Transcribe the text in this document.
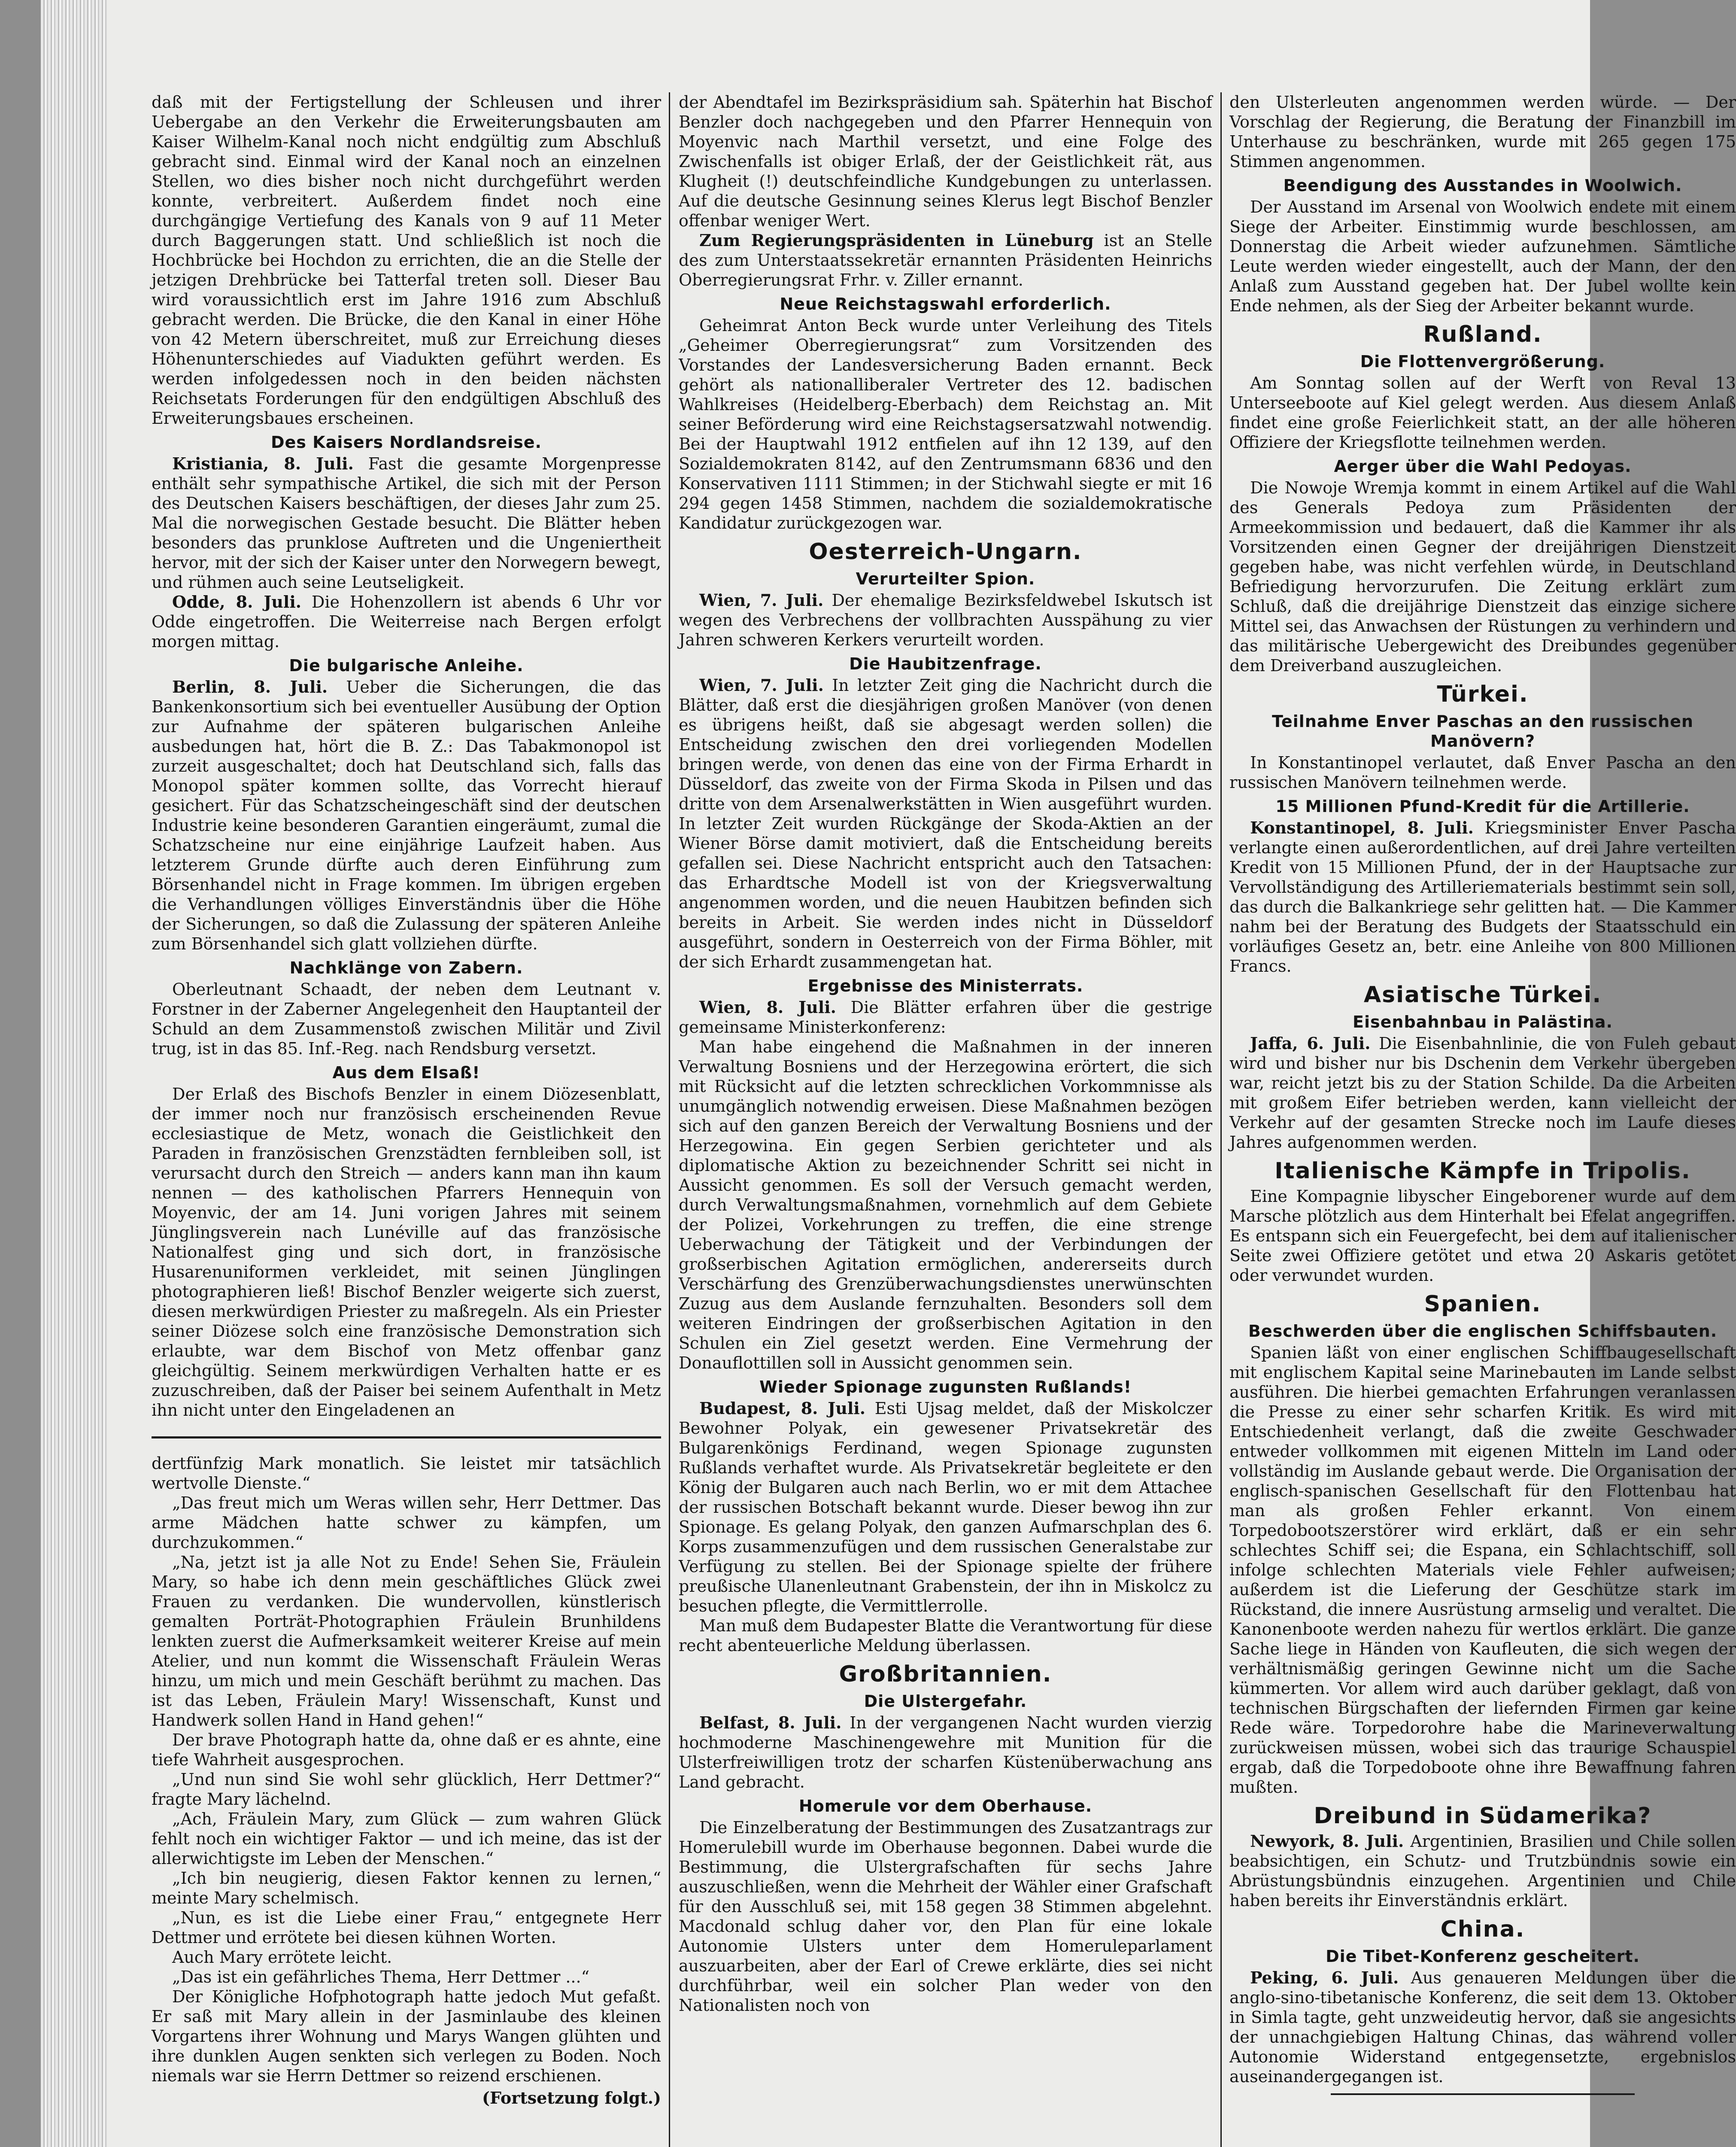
daß mit der Fertigstellung der Schleusen und ihrer Uebergabe an den Verkehr die Erweiterungsbauten am Kaiser Wilhelm-Kanal noch nicht endgültig zum Abschluß gebracht sind. Einmal wird der Kanal noch an einzelnen Stellen, wo dies bisher noch nicht durchgeführt werden konnte, verbreitert. Außerdem findet noch eine durchgängige Vertiefung des Kanals von 9 auf 11 Meter durch Baggerungen statt. Und schließlich ist noch die Hochbrücke bei Hochdon zu errichten, die an die Stelle der jetzigen Drehbrücke bei Tatterfal treten soll. Dieser Bau wird voraussichtlich erst im Jahre 1916 zum Abschluß gebracht werden. Die Brücke, die den Kanal in einer Höhe von 42 Metern überschreitet, muß zur Erreichung dieses Höhenunterschiedes auf Viadukten geführt werden. Es werden infolgedessen noch in den beiden nächsten Reichsetats Forderungen für den endgültigen Abschluß des Erweiterungsbaues erscheinen.

Des Kaisers Nordlandsreise.

Kristiania, 8. Juli. Fast die gesamte Morgenpresse enthält sehr sympathische Artikel, die sich mit der Person des Deutschen Kaisers beschäftigen, der dieses Jahr zum 25. Mal die norwegischen Gestade besucht. Die Blätter heben besonders das prunklose Auftreten und die Ungeniertheit hervor, mit der sich der Kaiser unter den Norwegern bewegt, und rühmen auch seine Leutseligkeit.

Odde, 8. Juli. Die Hohenzollern ist abends 6 Uhr vor Odde eingetroffen. Die Weiterreise nach Bergen erfolgt morgen mittag.

Die bulgarische Anleihe.

Berlin, 8. Juli. Ueber die Sicherungen, die das Bankenkonsortium sich bei eventueller Ausübung der Option zur Aufnahme der späteren bulgarischen Anleihe ausbedungen hat, hört die B. Z.: Das Tabakmonopol ist zurzeit ausgeschaltet; doch hat Deutschland sich, falls das Monopol später kommen sollte, das Vorrecht hierauf gesichert. Für das Schatzscheingeschäft sind der deutschen Industrie keine besonderen Garantien eingeräumt, zumal die Schatzscheine nur eine einjährige Laufzeit haben. Aus letzterem Grunde dürfte auch deren Einführung zum Börsenhandel nicht in Frage kommen. Im übrigen ergeben die Verhandlungen völliges Einverständnis über die Höhe der Sicherungen, so daß die Zulassung der späteren Anleihe zum Börsenhandel sich glatt vollziehen dürfte.

Nachklänge von Zabern.

Oberleutnant Schaadt, der neben dem Leutnant v. Forstner in der Zaberner Angelegenheit den Hauptanteil der Schuld an dem Zusammenstoß zwischen Militär und Zivil trug, ist in das 85. Inf.-Reg. nach Rendsburg versetzt.

Aus dem Elsaß!

Der Erlaß des Bischofs Benzler in einem Diözesenblatt, der immer noch nur französisch erscheinenden Revue ecclesiastique de Metz, wonach die Geistlichkeit den Paraden in französischen Grenzstädten fernbleiben soll, ist verursacht durch den Streich — anders kann man ihn kaum nennen — des katholischen Pfarrers Hennequin von Moyenvic, der am 14. Juni vorigen Jahres mit seinem Jünglingsverein nach Lunéville auf das französische Nationalfest ging und sich dort, in französische Husarenuniformen verkleidet, mit seinen Jünglingen photographieren ließ! Bischof Benzler weigerte sich zuerst, diesen merkwürdigen Priester zu maßregeln. Als ein Priester seiner Diözese solch eine französische Demonstration sich erlaubte, war dem Bischof von Metz offenbar ganz gleichgültig. Seinem merkwürdigen Verhalten hatte er es zuzuschreiben, daß der Paiser bei seinem Aufenthalt in Metz ihn nicht unter den Eingeladenen an

dertfünfzig Mark monatlich. Sie leistet mir tatsächlich wertvolle Dienste.“

„Das freut mich um Weras willen sehr, Herr Dettmer. Das arme Mädchen hatte schwer zu kämpfen, um durchzukommen.“

„Na, jetzt ist ja alle Not zu Ende! Sehen Sie, Fräulein Mary, so habe ich denn mein geschäftliches Glück zwei Frauen zu verdanken. Die wundervollen, künstlerisch gemalten Porträt-Photographien Fräulein Brunhildens lenkten zuerst die Aufmerksamkeit weiterer Kreise auf mein Atelier, und nun kommt die Wissenschaft Fräulein Weras hinzu, um mich und mein Geschäft berühmt zu machen. Das ist das Leben, Fräulein Mary! Wissenschaft, Kunst und Handwerk sollen Hand in Hand gehen!“

Der brave Photograph hatte da, ohne daß er es ahnte, eine tiefe Wahrheit ausgesprochen.

„Und nun sind Sie wohl sehr glücklich, Herr Dettmer?“ fragte Mary lächelnd.

„Ach, Fräulein Mary, zum Glück — zum wahren Glück fehlt noch ein wichtiger Faktor — und ich meine, das ist der allerwichtigste im Leben der Menschen.“

„Ich bin neugierig, diesen Faktor kennen zu lernen,“ meinte Mary schelmisch.

„Nun, es ist die Liebe einer Frau,“ entgegnete Herr Dettmer und errötete bei diesen kühnen Worten.

Auch Mary errötete leicht.

„Das ist ein gefährliches Thema, Herr Dettmer ...“

Der Königliche Hofphotograph hatte jedoch Mut gefaßt. Er saß mit Mary allein in der Jasminlaube des kleinen Vorgartens ihrer Wohnung und Marys Wangen glühten und ihre dunklen Augen senkten sich verlegen zu Boden. Noch niemals war sie Herrn Dettmer so reizend erschienen.

(Fortsetzung folgt.)

der Abendtafel im Bezirkspräsidium sah. Späterhin hat Bischof Benzler doch nachgegeben und den Pfarrer Hennequin von Moyenvic nach Marthil versetzt, und eine Folge des Zwischenfalls ist obiger Erlaß, der der Geistlichkeit rät, aus Klugheit (!) deutschfeindliche Kundgebungen zu unterlassen. Auf die deutsche Gesinnung seines Klerus legt Bischof Benzler offenbar weniger Wert.

Zum Regierungspräsidenten in Lüneburg ist an Stelle des zum Unterstaatssekretär ernannten Präsidenten Heinrichs Oberregierungsrat Frhr. v. Ziller ernannt.

Neue Reichstagswahl erforderlich.

Geheimrat Anton Beck wurde unter Verleihung des Titels „Geheimer Oberregierungsrat“ zum Vorsitzenden des Vorstandes der Landesversicherung Baden ernannt. Beck gehört als nationalliberaler Vertreter des 12. badischen Wahlkreises (Heidelberg-Eberbach) dem Reichstag an. Mit seiner Beförderung wird eine Reichstagsersatzwahl notwendig. Bei der Hauptwahl 1912 entfielen auf ihn 12 139, auf den Sozialdemokraten 8142, auf den Zentrumsmann 6836 und den Konservativen 1111 Stimmen; in der Stichwahl siegte er mit 16 294 gegen 1458 Stimmen, nachdem die sozialdemokratische Kandidatur zurückgezogen war.

Oesterreich-Ungarn.
Verurteilter Spion.

Wien, 7. Juli. Der ehemalige Bezirksfeldwebel Iskutsch ist wegen des Verbrechens der vollbrachten Ausspähung zu vier Jahren schweren Kerkers verurteilt worden.

Die Haubitzenfrage.

Wien, 7. Juli. In letzter Zeit ging die Nachricht durch die Blätter, daß erst die diesjährigen großen Manöver (von denen es übrigens heißt, daß sie abgesagt werden sollen) die Entscheidung zwischen den drei vorliegenden Modellen bringen werde, von denen das eine von der Firma Erhardt in Düsseldorf, das zweite von der Firma Skoda in Pilsen und das dritte von dem Arsenalwerkstätten in Wien ausgeführt wurden. In letzter Zeit wurden Rückgänge der Skoda-Aktien an der Wiener Börse damit motiviert, daß die Entscheidung bereits gefallen sei. Diese Nachricht entspricht auch den Tatsachen: das Erhardtsche Modell ist von der Kriegsverwaltung angenommen worden, und die neuen Haubitzen befinden sich bereits in Arbeit. Sie werden indes nicht in Düsseldorf ausgeführt, sondern in Oesterreich von der Firma Böhler, mit der sich Erhardt zusammengetan hat.

Ergebnisse des Ministerrats.

Wien, 8. Juli. Die Blätter erfahren über die gestrige gemeinsame Ministerkonferenz:

Man habe eingehend die Maßnahmen in der inneren Verwaltung Bosniens und der Herzegowina erörtert, die sich mit Rücksicht auf die letzten schrecklichen Vorkommnisse als unumgänglich notwendig erweisen. Diese Maßnahmen bezögen sich auf den ganzen Bereich der Verwaltung Bosniens und der Herzegowina. Ein gegen Serbien gerichteter und als diplomatische Aktion zu bezeichnender Schritt sei nicht in Aussicht genommen. Es soll der Versuch gemacht werden, durch Verwaltungsmaßnahmen, vornehmlich auf dem Gebiete der Polizei, Vorkehrungen zu treffen, die eine strenge Ueberwachung der Tätigkeit und der Verbindungen der großserbischen Agitation ermöglichen, andererseits durch Verschärfung des Grenzüberwachungsdienstes unerwünschten Zuzug aus dem Auslande fernzuhalten. Besonders soll dem weiteren Eindringen der großserbischen Agitation in den Schulen ein Ziel gesetzt werden. Eine Vermehrung der Donauflottillen soll in Aussicht genommen sein.

Wieder Spionage zugunsten Rußlands!

Budapest, 8. Juli. Esti Ujsag meldet, daß der Miskolczer Bewohner Polyak, ein gewesener Privatsekretär des Bulgarenkönigs Ferdinand, wegen Spionage zugunsten Rußlands verhaftet wurde. Als Privatsekretär begleitete er den König der Bulgaren auch nach Berlin, wo er mit dem Attachee der russischen Botschaft bekannt wurde. Dieser bewog ihn zur Spionage. Es gelang Polyak, den ganzen Aufmarschplan des 6. Korps zusammenzufügen und dem russischen Generalstabe zur Verfügung zu stellen. Bei der Spionage spielte der frühere preußische Ulanenleutnant Grabenstein, der ihn in Miskolcz zu besuchen pflegte, die Vermittlerrolle.

Man muß dem Budapester Blatte die Verantwortung für diese recht abenteuerliche Meldung überlassen.

Großbritannien.
Die Ulstergefahr.

Belfast, 8. Juli. In der vergangenen Nacht wurden vierzig hochmoderne Maschinengewehre mit Munition für die Ulsterfreiwilligen trotz der scharfen Küstenüberwachung ans Land gebracht.

Homerule vor dem Oberhause.

Die Einzelberatung der Bestimmungen des Zusatzantrags zur Homerulebill wurde im Oberhause begonnen. Dabei wurde die Bestimmung, die Ulstergrafschaften für sechs Jahre auszuschließen, wenn die Mehrheit der Wähler einer Grafschaft für den Ausschluß sei, mit 158 gegen 38 Stimmen abgelehnt. Macdonald schlug daher vor, den Plan für eine lokale Autonomie Ulsters unter dem Homeruleparlament auszuarbeiten, aber der Earl of Crewe erklärte, dies sei nicht durchführbar, weil ein solcher Plan weder von den Nationalisten noch von

den Ulsterleuten angenommen werden würde. — Der Vorschlag der Regierung, die Beratung der Finanzbill im Unterhause zu beschränken, wurde mit 265 gegen 175 Stimmen angenommen.

Beendigung des Ausstandes in Woolwich.

Der Ausstand im Arsenal von Woolwich endete mit einem Siege der Arbeiter. Einstimmig wurde beschlossen, am Donnerstag die Arbeit wieder aufzunehmen. Sämtliche Leute werden wieder eingestellt, auch der Mann, der den Anlaß zum Ausstand gegeben hat. Der Jubel wollte kein Ende nehmen, als der Sieg der Arbeiter bekannt wurde.

Rußland.
Die Flottenvergrößerung.

Am Sonntag sollen auf der Werft von Reval 13 Unterseeboote auf Kiel gelegt werden. Aus diesem Anlaß findet eine große Feierlichkeit statt, an der alle höheren Offiziere der Kriegsflotte teilnehmen werden.

Aerger über die Wahl Pedoyas.

Die Nowoje Wremja kommt in einem Artikel auf die Wahl des Generals Pedoya zum Präsidenten der Armeekommission und bedauert, daß die Kammer ihr als Vorsitzenden einen Gegner der dreijährigen Dienstzeit gegeben habe, was nicht verfehlen würde, in Deutschland Befriedigung hervorzurufen. Die Zeitung erklärt zum Schluß, daß die dreijährige Dienstzeit das einzige sichere Mittel sei, das Anwachsen der Rüstungen zu verhindern und das militärische Uebergewicht des Dreibundes gegenüber dem Dreiverband auszugleichen.

Türkei.
Teilnahme Enver Paschas an den russischen Manövern?

In Konstantinopel verlautet, daß Enver Pascha an den russischen Manövern teilnehmen werde.

15 Millionen Pfund-Kredit für die Artillerie.

Konstantinopel, 8. Juli. Kriegsminister Enver Pascha verlangte einen außerordentlichen, auf drei Jahre verteilten Kredit von 15 Millionen Pfund, der in der Hauptsache zur Vervollständigung des Artilleriematerials bestimmt sein soll, das durch die Balkankriege sehr gelitten hat. — Die Kammer nahm bei der Beratung des Budgets der Staatsschuld ein vorläufiges Gesetz an, betr. eine Anleihe von 800 Millionen Francs.

Asiatische Türkei.
Eisenbahnbau in Palästina.

Jaffa, 6. Juli. Die Eisenbahnlinie, die von Fuleh gebaut wird und bisher nur bis Dschenin dem Verkehr übergeben war, reicht jetzt bis zu der Station Schilde. Da die Arbeiten mit großem Eifer betrieben werden, kann vielleicht der Verkehr auf der gesamten Strecke noch im Laufe dieses Jahres aufgenommen werden.

Italienische Kämpfe in Tripolis.

Eine Kompagnie libyscher Eingeborener wurde auf dem Marsche plötzlich aus dem Hinterhalt bei Efelat angegriffen. Es entspann sich ein Feuergefecht, bei dem auf italienischer Seite zwei Offiziere getötet und etwa 20 Askaris getötet oder verwundet wurden.

Spanien.
Beschwerden über die englischen Schiffsbauten.

Spanien läßt von einer englischen Schiffbaugesellschaft mit englischem Kapital seine Marinebauten im Lande selbst ausführen. Die hierbei gemachten Erfahrungen veranlassen die Presse zu einer sehr scharfen Kritik. Es wird mit Entschiedenheit verlangt, daß die zweite Geschwader entweder vollkommen mit eigenen Mitteln im Land oder vollständig im Auslande gebaut werde. Die Organisation der englisch-spanischen Gesellschaft für den Flottenbau hat man als großen Fehler erkannt. Von einem Torpedobootszerstörer wird erklärt, daß er ein sehr schlechtes Schiff sei; die Espana, ein Schlachtschiff, soll infolge schlechten Materials viele Fehler aufweisen; außerdem ist die Lieferung der Geschütze stark im Rückstand, die innere Ausrüstung armselig und veraltet. Die Kanonenboote werden nahezu für wertlos erklärt. Die ganze Sache liege in Händen von Kaufleuten, die sich wegen der verhältnismäßig geringen Gewinne nicht um die Sache kümmerten. Vor allem wird auch darüber geklagt, daß von technischen Bürgschaften der liefernden Firmen gar keine Rede wäre. Torpedorohre habe die Marineverwaltung zurückweisen müssen, wobei sich das traurige Schauspiel ergab, daß die Torpedoboote ohne ihre Bewaffnung fahren mußten.

Dreibund in Südamerika?

Newyork, 8. Juli. Argentinien, Brasilien und Chile sollen beabsichtigen, ein Schutz- und Trutzbündnis sowie ein Abrüstungsbündnis einzugehen. Argentinien und Chile haben bereits ihr Einverständnis erklärt.

China.
Die Tibet-Konferenz gescheitert.

Peking, 6. Juli. Aus genaueren Meldungen über die anglo-sino-tibetanische Konferenz, die seit dem 13. Oktober in Simla tagte, geht unzweideutig hervor, daß sie angesichts der unnachgiebigen Haltung Chinas, das während voller Autonomie Widerstand entgegensetzte, ergebnislos auseinandergegangen ist.
